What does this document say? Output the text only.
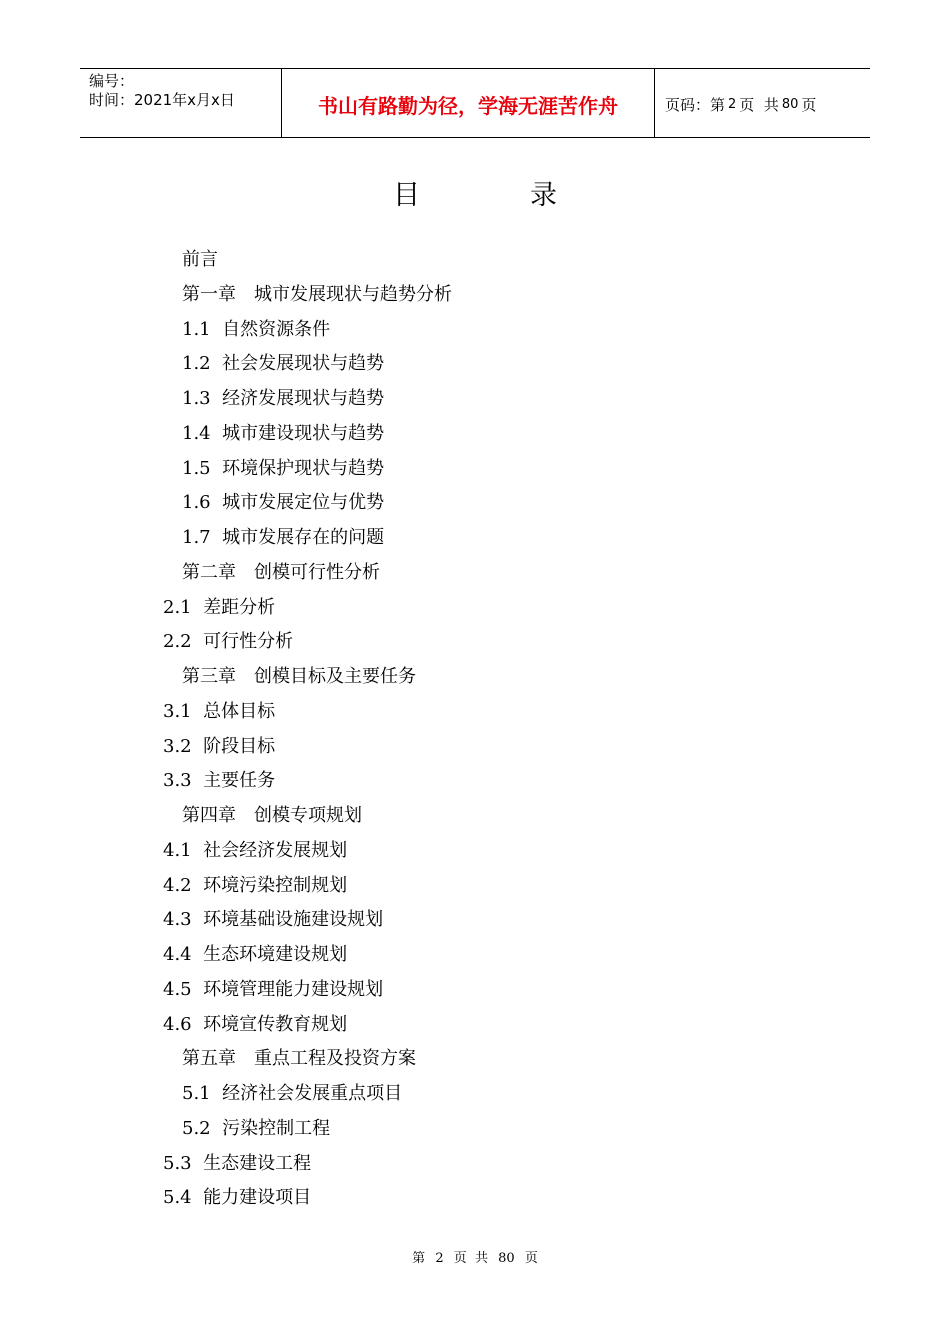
编号：
时间：2021年x月x日	书山有路勤为径，学海无涯苦作舟	页码：第 2 页  共 80 页
目	录
前言
第一章　城市发展现状与趋势分析
1.1  自然资源条件
1.2  社会发展现状与趋势
1.3  经济发展现状与趋势
1.4  城市建设现状与趋势
1.5  环境保护现状与趋势
1.6  城市发展定位与优势
1.7  城市发展存在的问题
第二章　创模可行性分析
2.1  差距分析
2.2  可行性分析
第三章　创模目标及主要任务
3.1  总体目标
3.2  阶段目标
3.3  主要任务
第四章　创模专项规划
4.1  社会经济发展规划
4.2  环境污染控制规划
4.3  环境基础设施建设规划
4.4  生态环境建设规划
4.5  环境管理能力建设规划
4.6  环境宣传教育规划
第五章　重点工程及投资方案
5.1  经济社会发展重点项目
5.2  污染控制工程
5.3  生态建设工程
5.4  能力建设项目
第 2 页  共 80 页
